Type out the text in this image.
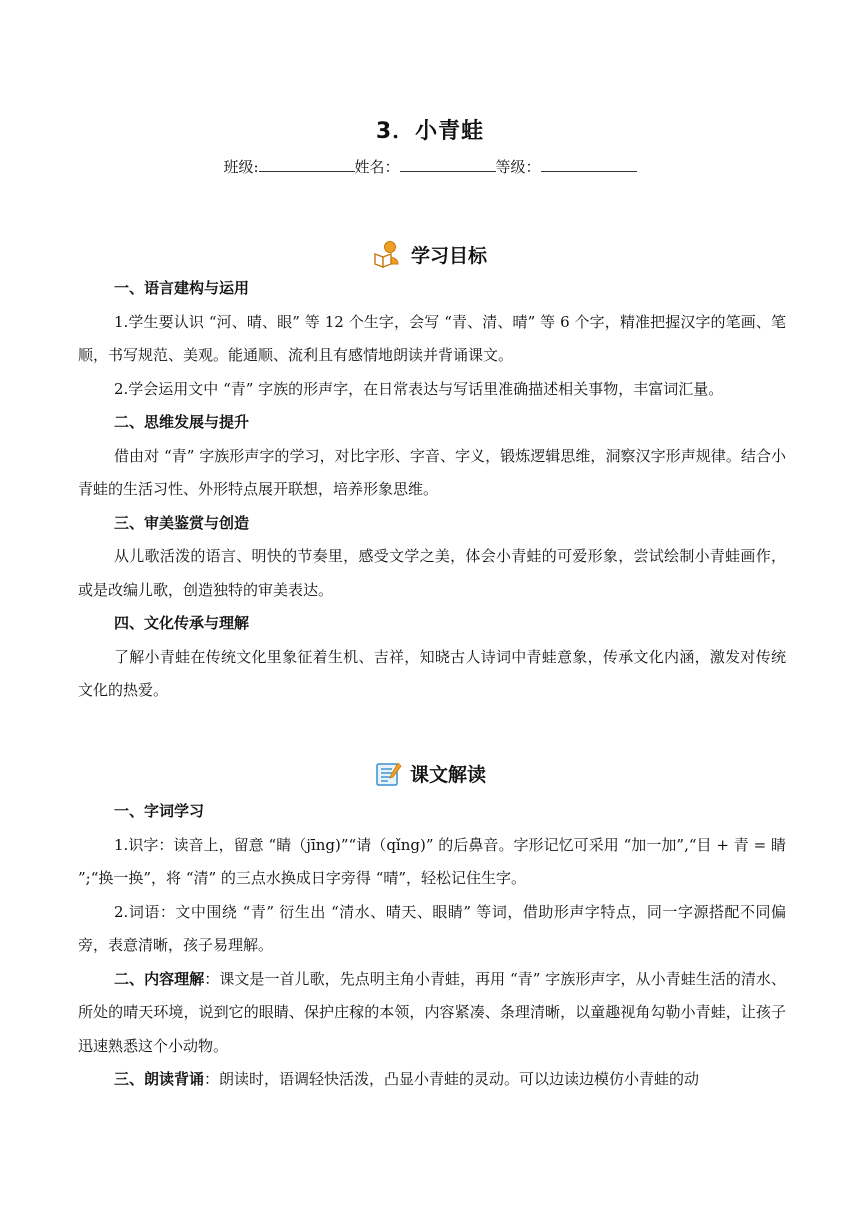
3．小青蛙
班级:	姓名：	等级：
学习目标

一、语言建构与运用

1.学生要认识 “河、晴、眼” 等 12 个生字，会写 “青、清、晴” 等 6 个字，精准把握汉字的笔画、笔顺，书写规范、美观。能通顺、流利且有感情地朗读并背诵课文。

2.学会运用文中 “青” 字族的形声字，在日常表达与写话里准确描述相关事物，丰富词汇量。

二、思维发展与提升

借由对 “青” 字族形声字的学习，对比字形、字音、字义，锻炼逻辑思维，洞察汉字形声规律。结合小青蛙的生活习性、外形特点展开联想，培养形象思维。

三、审美鉴赏与创造

从儿歌活泼的语言、明快的节奏里，感受文学之美，体会小青蛙的可爱形象，尝试绘制小青蛙画作，或是改编儿歌，创造独特的审美表达。

四、文化传承与理解

了解小青蛙在传统文化里象征着生机、吉祥，知晓古人诗词中青蛙意象，传承文化内涵，激发对传统文化的热爱。

课文解读

一、字词学习

1.识字：读音上，留意 “睛（jīng)”“请（qǐng)” 的后鼻音。字形记忆可采用 “加一加”,“目 + 青 = 睛 ”;“换一换”，将 “清” 的三点水换成日字旁得 “晴”，轻松记住生字。

2.词语：文中围绕 “青” 衍生出 “清水、晴天、眼睛” 等词，借助形声字特点，同一字源搭配不同偏旁，表意清晰，孩子易理解。

二、内容理解：课文是一首儿歌，先点明主角小青蛙，再用 “青” 字族形声字，从小青蛙生活的清水、所处的晴天环境，说到它的眼睛、保护庄稼的本领，内容紧凑、条理清晰，以童趣视角勾勒小青蛙，让孩子迅速熟悉这个小动物。

三、朗读背诵：朗读时，语调轻快活泼，凸显小青蛙的灵动。可以边读边模仿小青蛙的动
